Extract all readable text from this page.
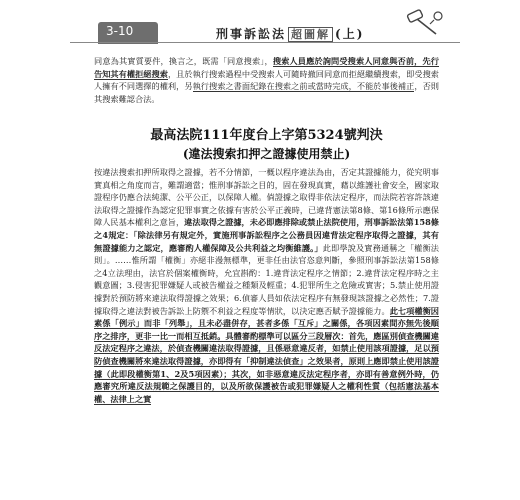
3-10	刑事訴訟法 超圖解 (上)

同意為其實質要件，換言之，既需「同意搜索」，搜索人員應於詢問受搜索人同意與否前，先行告知其有權拒絕搜索，且於執行搜索過程中受搜索人可隨時撤回同意而拒絕繼續搜索，即受搜索人擁有不同選擇的權利，另執行搜索之書面紀錄在搜索之前或當時完成，不能於事後補正，否則其搜索難認合法。

最高法院111年度台上字第5324號判決

(違法搜索扣押之證據使用禁止)

按違法搜索扣押所取得之證據，若不分情節，一概以程序違法為由，否定其證據能力，從究明事實真相之角度而言，難謂適當；惟刑事訴訟之目的，固在發現真實，藉以維護社會安全，國家取證程序仍應合法純潔、公平公正，以保障人權。倘證據之取得非依法定程序，而法院若容許該違法取得之證據作為認定犯罪事實之依據有害於公平正義時，已違背憲法第8條、第16條所示應保障人民基本權利之意旨，違法取得之證據，未必即應排除或禁止法院使用，刑事訴訟法第158條之4規定：「除法律另有規定外，實施刑事訴訟程序之公務員因違背法定程序取得之證據，其有無證據能力之認定，應審酌人權保障及公共利益之均衡維護。」此即學說及實務通稱之「權衡法則」。……惟所謂「權衡」亦絕非漫無標準，更非任由法官恣意判斷，參照刑事訴訟法第158條之4立法理由，法官於個案權衡時，允宜斟酌：1.違背法定程序之情節；2.違背法定程序時之主觀意圖；3.侵害犯罪嫌疑人或被告權益之種類及輕重；4.犯罪所生之危險或實害；5.禁止使用證據對於預防將來違法取得證據之效果；6.偵審人員如依法定程序有無發現該證據之必然性；7.證據取得之違法對被告訴訟上防禦不利益之程度等情狀，以決定應否賦予證據能力。此七項權衡因素係「例示」而非「列舉」，且未必盡併存，甚者多係「互斥」之關係，各項因素間亦無先後順序之排序，更非一比一而相互抵銷。具體審酌標準可以區分三段層次：首先，應區別偵查機關違反法定程序之違法，於偵查機關違法取得證據，且係惡意違反者，如禁止使用該項證據，足以預防偵查機關將來違法取得證據，亦即得有「抑制違法偵查」之效果者，原則上應即禁止使用該證據（此即段權衡第1、2及5項因素）；其次，如非惡意違反法定程序者，亦即有善意例外時，仍應審究所違反法規範之保護目的，以及所欲保護被告或犯罪嫌疑人之權利性質（包括憲法基本權、法律上之實
